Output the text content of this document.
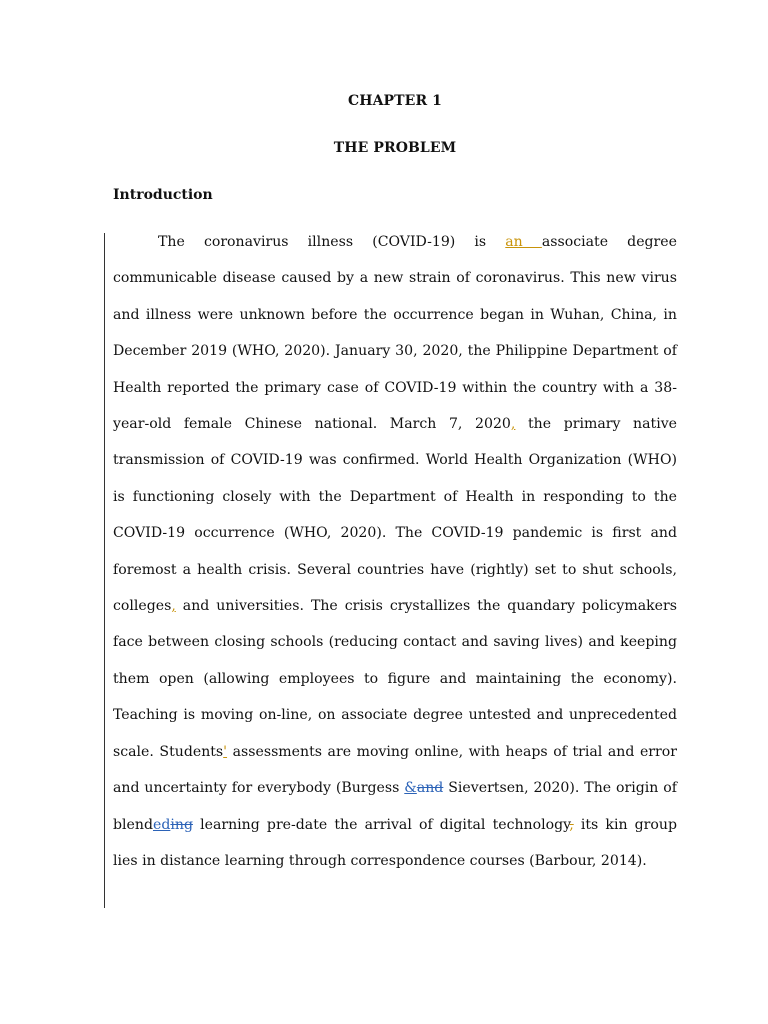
CHAPTER 1
THE PROBLEM
Introduction

The coronavirus illness (COVID-19) is an associate degree communicable disease caused by a new strain of coronavirus. This new virus and illness were unknown before the occurrence began in Wuhan, China, in December 2019 (WHO, 2020). January 30, 2020, the Philippine Department of Health reported the primary case of COVID-19 within the country with a 38-year-old female Chinese national. March 7, 2020, the primary native transmission of COVID-19 was confirmed. World Health Organization (WHO) is functioning closely with the Department of Health in responding to the COVID-19 occurrence (WHO, 2020). The COVID-19 pandemic is first and foremost a health crisis. Several countries have (rightly) set to shut schools, colleges, and universities. The crisis crystallizes the quandary policymakers face between closing schools (reducing contact and saving lives) and keeping them open (allowing employees to figure and maintaining the economy). Teaching is moving on-line, on associate degree untested and unprecedented scale. Students' assessments are moving online, with heaps of trial and error and uncertainty for everybody (Burgess &and Sievertsen, 2020). The origin of blendeding learning pre-date the arrival of digital technology, its kin group lies in distance learning through correspondence courses (Barbour, 2014).
